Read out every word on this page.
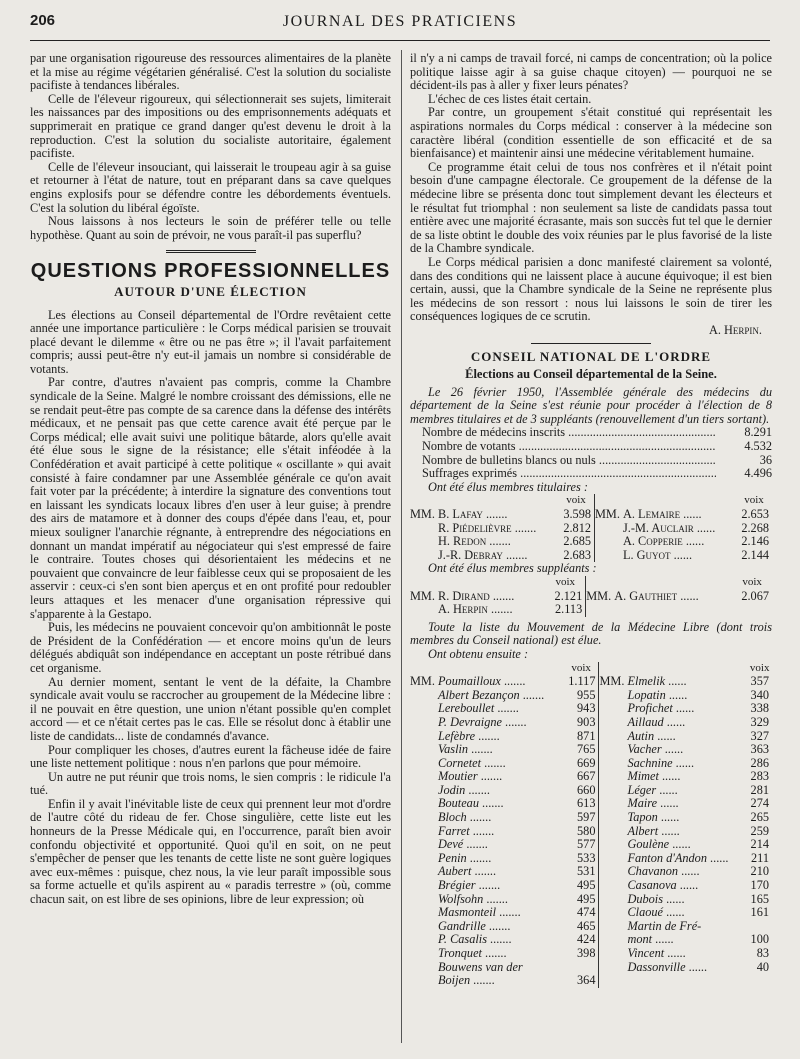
206	JOURNAL DES PRATICIENS

par une organisation rigoureuse des ressources alimentaires de la planète et la mise au régime végétarien généralisé. C'est la solution du socialiste pacifiste à tendances libérales.

Celle de l'éleveur rigoureux, qui sélectionnerait ses sujets, limiterait les naissances par des impositions ou des emprisonnements adéquats et supprimerait en pratique ce grand danger qu'est devenu le droit à la reproduction. C'est la solution du socialiste autoritaire, également pacifiste.

Celle de l'éleveur insouciant, qui laisserait le troupeau agir à sa guise et retourner à l'état de nature, tout en préparant dans sa cave quelques engins explosifs pour se défendre contre les débordements éventuels. C'est la solution du libéral égoïste.

Nous laissons à nos lecteurs le soin de préférer telle ou telle hypothèse. Quant au soin de prévoir, ne vous paraît-il pas superflu?

QUESTIONS PROFESSIONNELLES
AUTOUR D'UNE ÉLECTION

Les élections au Conseil départemental de l'Ordre revêtaient cette année une importance particulière : le Corps médical parisien se trouvait placé devant le dilemme « être ou ne pas être »; il l'avait parfaitement compris; aussi peut-être n'y eut-il jamais un nombre si considérable de votants.

Par contre, d'autres n'avaient pas compris, comme la Chambre syndicale de la Seine. Malgré le nombre croissant des démissions, elle ne se rendait peut-être pas compte de sa carence dans la défense des intérêts médicaux, et ne pensait pas que cette carence avait été perçue par le Corps médical; elle avait suivi une politique bâtarde, alors qu'elle avait été élue sous le signe de la résistance; elle s'était inféodée à la Confédération et avait participé à cette politique « oscillante » qui avait consisté à faire condamner par une Assemblée générale ce qu'on avait fait voter par la précédente; à interdire la signature des conventions tout en laissant les syndicats locaux libres d'en user à leur guise; à prendre des airs de matamore et à donner des coups d'épée dans l'eau, et, pour mieux souligner l'anarchie régnante, à entreprendre des négociations en donnant un mandat impératif au négociateur qui s'est empressé de faire le contraire. Toutes choses qui désorientaient les médecins et ne pouvaient que convaincre de leur faiblesse ceux qui se proposaient de les asservir : ceux-ci s'en sont bien aperçus et en ont profité pour redoubler leurs attaques et les menacer d'une organisation répressive qui s'apparente à la Gestapo.

Puis, les médecins ne pouvaient concevoir qu'on ambitionnât le poste de Président de la Confédération — et encore moins qu'un de leurs délégués abdiquât son indépendance en acceptant un poste rétribué dans cet organisme.

Au dernier moment, sentant le vent de la défaite, la Chambre syndicale avait voulu se raccrocher au groupement de la Médecine libre : il ne pouvait en être question, une union n'étant possible qu'en complet accord — et ce n'était certes pas le cas. Elle se résolut donc à établir une liste de candidats... liste de condamnés d'avance.

Pour compliquer les choses, d'autres eurent la fâcheuse idée de faire une liste nettement politique : nous n'en parlons que pour mémoire.

Un autre ne put réunir que trois noms, le sien compris : le ridicule l'a tué.

Enfin il y avait l'inévitable liste de ceux qui prennent leur mot d'ordre de l'autre côté du rideau de fer. Chose singulière, cette liste eut les honneurs de la Presse Médicale qui, en l'occurrence, paraît bien avoir confondu objectivité et opportunité. Quoi qu'il en soit, on ne peut s'empêcher de penser que les tenants de cette liste ne sont guère logiques avec eux-mêmes : puisque, chez nous, la vie leur paraît impossible sous sa forme actuelle et qu'ils aspirent au « paradis terrestre » (où, comme chacun sait, on est libre de ses opinions, libre de leur expression; où

il n'y a ni camps de travail forcé, ni camps de concentration; où la police politique laisse agir à sa guise chaque citoyen) — pourquoi ne se décident-ils pas à aller y fixer leurs pénates?

L'échec de ces listes était certain.

Par contre, un groupement s'était constitué qui représentait les aspirations normales du Corps médical : conserver à la médecine son caractère libéral (condition essentielle de son efficacité et de sa bienfaisance) et maintenir ainsi une médecine véritablement humaine.

Ce programme était celui de tous nos confrères et il n'était point besoin d'une campagne électorale. Ce groupement de la défense de la médecine libre se présenta donc tout simplement devant les électeurs et le résultat fut triomphal : non seulement sa liste de candidats passa tout entière avec une majorité écrasante, mais son succès fut tel que le dernier de sa liste obtint le double des voix réunies par le plus favorisé de la liste de la Chambre syndicale.

Le Corps médical parisien a donc manifesté clairement sa volonté, dans des conditions qui ne laissent place à aucune équivoque; il est bien certain, aussi, que la Chambre syndicale de la Seine ne représente plus les médecins de son ressort : nous lui laissons le soin de tirer les conséquences logiques de ce scrutin.

A. Herpin.
CONSEIL NATIONAL DE L'ORDRE
Élections au Conseil départemental de la Seine.

Le 26 février 1950, l'Assemblée générale des médecins du département de la Seine s'est réunie pour procéder à l'élection de 8 membres titulaires et de 3 suppléants (renouvellement d'un tiers sortant).

Nombre de médecins inscrits .....	8.291
Nombre de votants .....	4.532
Nombre de bulletins blancs ou nuls .....	36
Suffrages exprimés .....	4.496

Ont été élus membres titulaires :

	voix		voix
MM. B. Lafay .......	3.598	MM. A. Lemaire ......	2.653
R. Piédelièvre .......	2.812	J.-M. Auclair ......	2.268
H. Redon .......	2.685	A. Copperie ......	2.146
J.-R. Debray .......	2.683	L. Guyot ......	2.144

Ont été élus membres suppléants :

	voix		voix
MM. R. Dirand .......	2.121	MM. A. Gauthiet ......	2.067
A. Herpin .......	2.113		

Toute la liste du Mouvement de la Médecine Libre (dont trois membres du Conseil national) est élue.

Ont obtenu ensuite :

	voix		voix
MM. Poumailloux .......	1.117	MM. Elmelik ......	357
Albert Bezançon .......	955	Lopatin ......	340
Lereboullet .......	943	Profichet ......	338
P. Devraigne .......	903	Aillaud ......	329
Lefèbre .......	871	Autin ......	327
Vaslin .......	765	Vacher ......	363
Cornetet .......	669	Sachnine ......	286
Moutier .......	667	Mimet ......	283
Jodin .......	660	Léger ......	281
Bouteau .......	613	Maire ......	274
Bloch .......	597	Tapon ......	265
Farret .......	580	Albert ......	259
Devé .......	577	Goulène ......	214
Penin .......	533	Fanton d'Andon ......	211
Aubert .......	531	Chavanon ......	210
Brégier .......	495	Casanova ......	170
Wolfsohn .......	495	Dubois ......	165
Masmonteil .......	474	Claoué ......	161
Gandrille .......	465	Martin de Fré-	
P. Casalis .......	424	mont ......	100
Tronquet .......	398	Vincent ......	83
Bouwens van der		Dassonville ......	40
Boijen .......	364		
